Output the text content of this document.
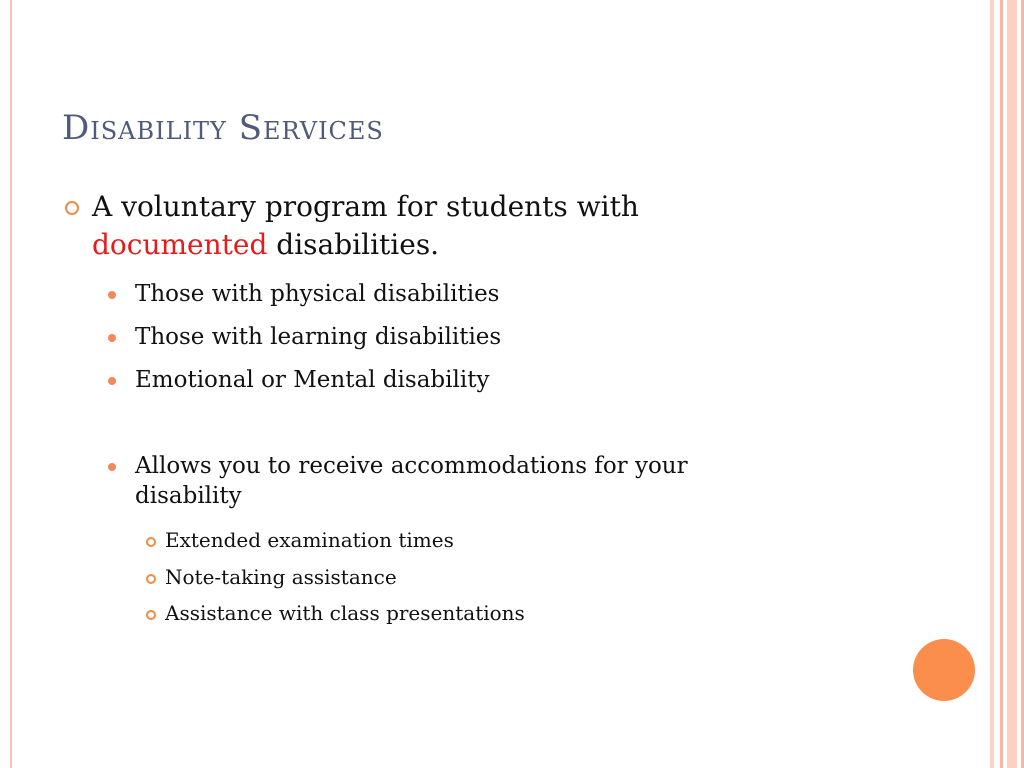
Disability Services
A voluntary program for students with
documented disabilities.
Those with physical disabilities
Those with learning disabilities
Emotional or Mental disability
Allows you to receive accommodations for your disability
Extended examination times
Note-taking assistance
Assistance with class presentations
